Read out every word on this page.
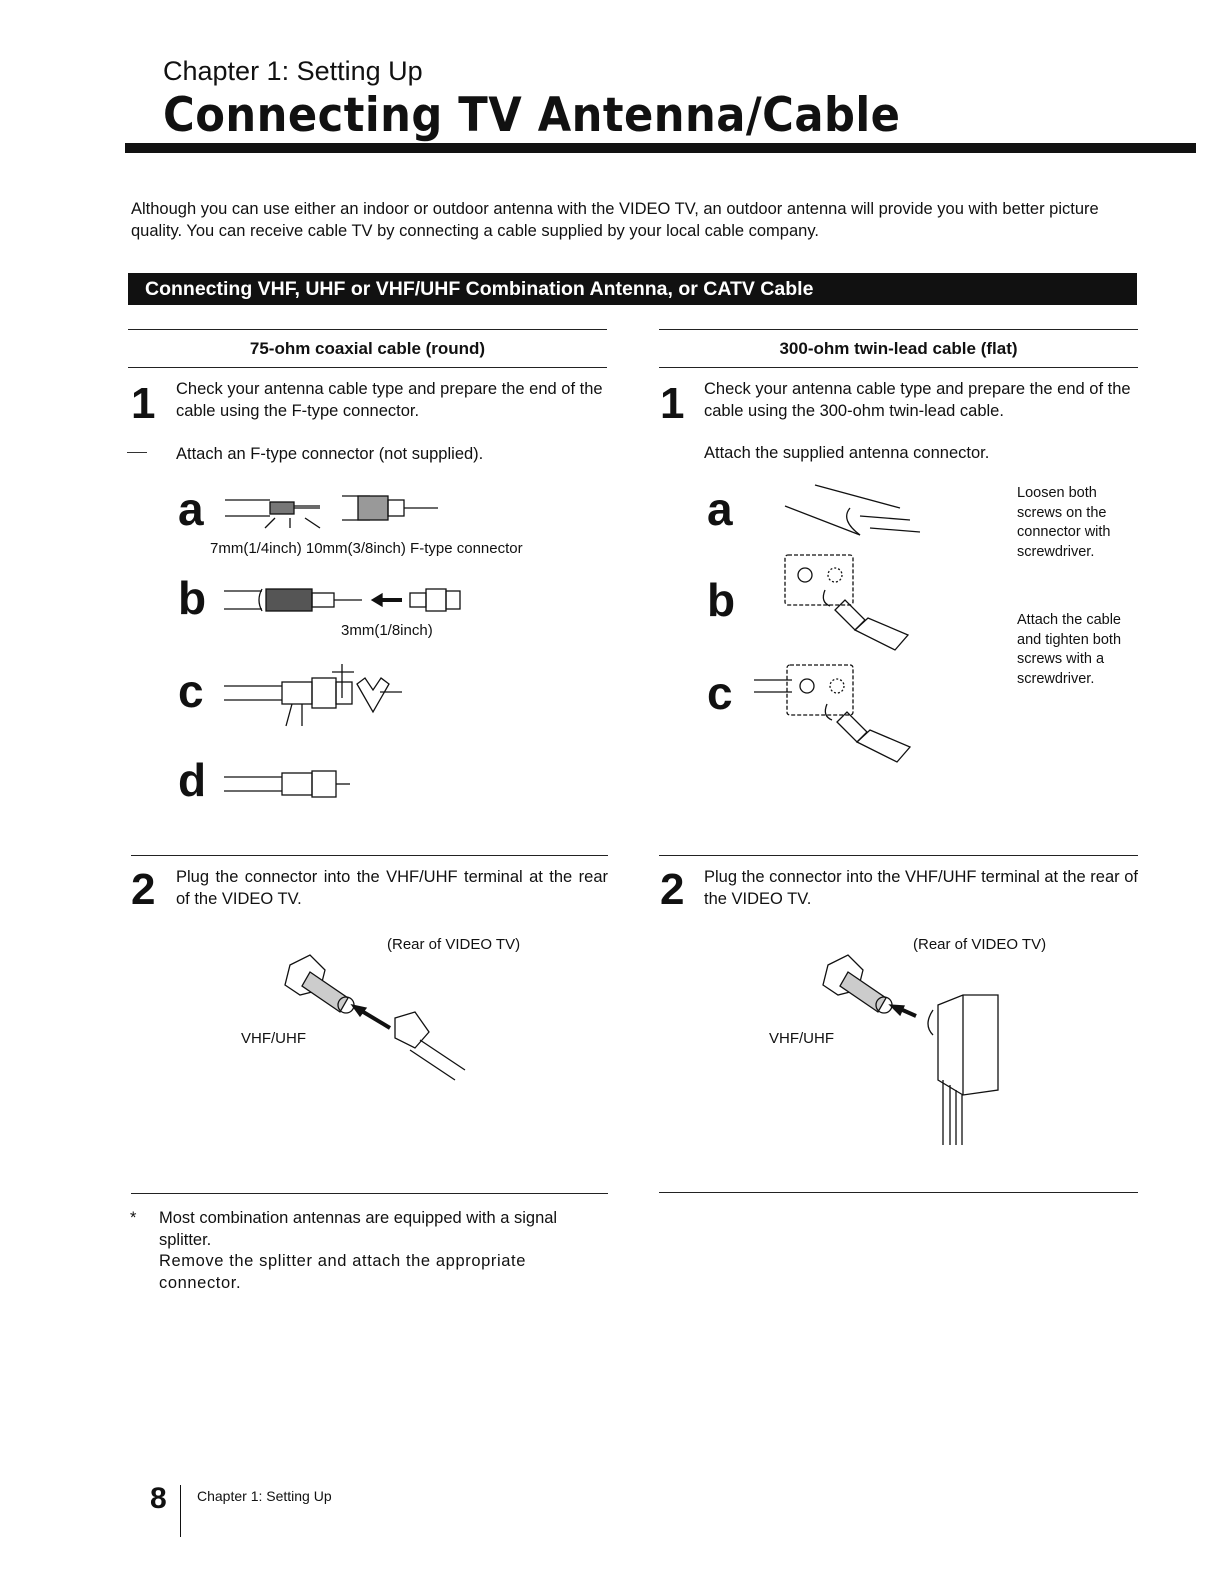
Chapter 1: Setting Up
Connecting TV Antenna/Cable
Although you can use either an indoor or outdoor antenna with the VIDEO TV, an outdoor antenna will provide you with better picture quality. You can receive cable TV by connecting a cable supplied by your local cable company.
Connecting VHF, UHF or VHF/UHF Combination Antenna, or CATV Cable
75-ohm coaxial cable (round)
1 Check your antenna cable type and prepare the end of the cable using the F-type connector.
Attach an F-type connector (not supplied).
a
b
c
d
7mm(1/4inch) 10mm(3/8inch) F-type connector
3mm(1/8inch)
2 Plug the connector into the VHF/UHF terminal at the rear of the VIDEO TV.
(Rear of VIDEO TV)
VHF/UHF
* Most combination antennas are equipped with a signal splitter.
Remove the splitter and attach the appropriate connector.
300-ohm twin-lead cable (flat)
1 Check your antenna cable type and prepare the end of the cable using the 300-ohm twin-lead cable.
Attach the supplied antenna connector.
a
b
c
Loosen both screws on the connector with screwdriver.
Attach the cable and tighten both screws with a screwdriver.
2 Plug the connector into the VHF/UHF terminal at the rear of the VIDEO TV.
(Rear of VIDEO TV)
VHF/UHF
8 Chapter 1: Setting Up
